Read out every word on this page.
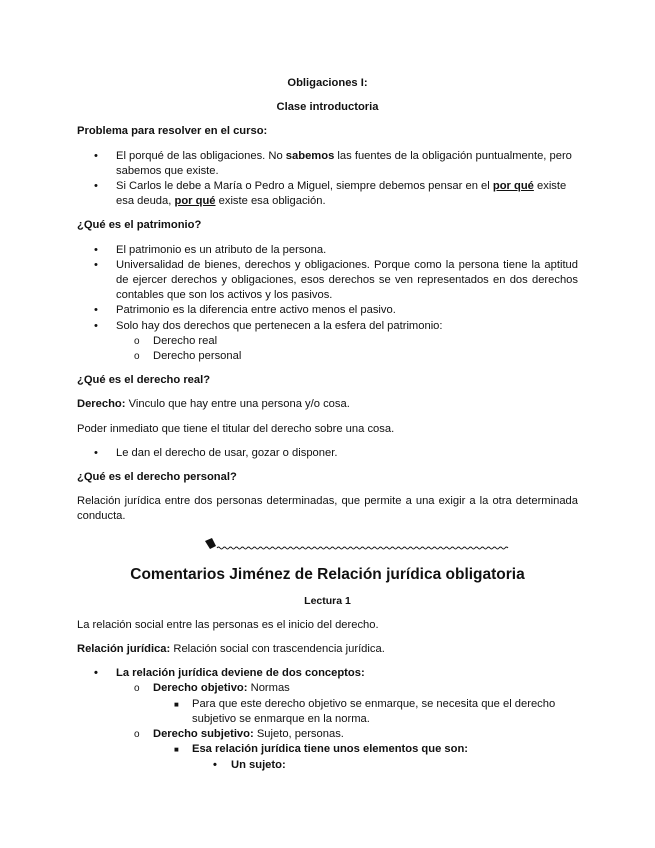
Obligaciones I:

Clase introductoria

Problema para resolver en el curso:

• El porqué de las obligaciones. No sabemos las fuentes de la obligación puntualmente, pero sabemos que existe.
• Si Carlos le debe a María o Pedro a Miguel, siempre debemos pensar en el por qué existe esa deuda, por qué existe esa obligación.

¿Qué es el patrimonio?

• El patrimonio es un atributo de la persona.
• Universalidad de bienes, derechos y obligaciones. Porque como la persona tiene la aptitud de ejercer derechos y obligaciones, esos derechos se ven representados en dos derechos contables que son los activos y los pasivos.
• Patrimonio es la diferencia entre activo menos el pasivo.
• Solo hay dos derechos que pertenecen a la esfera del patrimonio:
o Derecho real
o Derecho personal

¿Qué es el derecho real?

Derecho: Vinculo que hay entre una persona y/o cosa.

Poder inmediato que tiene el titular del derecho sobre una cosa.

• Le dan el derecho de usar, gozar o disponer.

¿Qué es el derecho personal?

Relación jurídica entre dos personas determinadas, que permite a una exigir a la otra determinada conducta.

Comentarios Jiménez de Relación jurídica obligatoria

Lectura 1

La relación social entre las personas es el inicio del derecho.

Relación jurídica: Relación social con trascendencia jurídica.

• La relación jurídica deviene de dos conceptos:
o Derecho objetivo: Normas
■ Para que este derecho objetivo se enmarque, se necesita que el derecho subjetivo se enmarque en la norma.
o Derecho subjetivo: Sujeto, personas.
■ Esa relación jurídica tiene unos elementos que son:
• Un sujeto:
